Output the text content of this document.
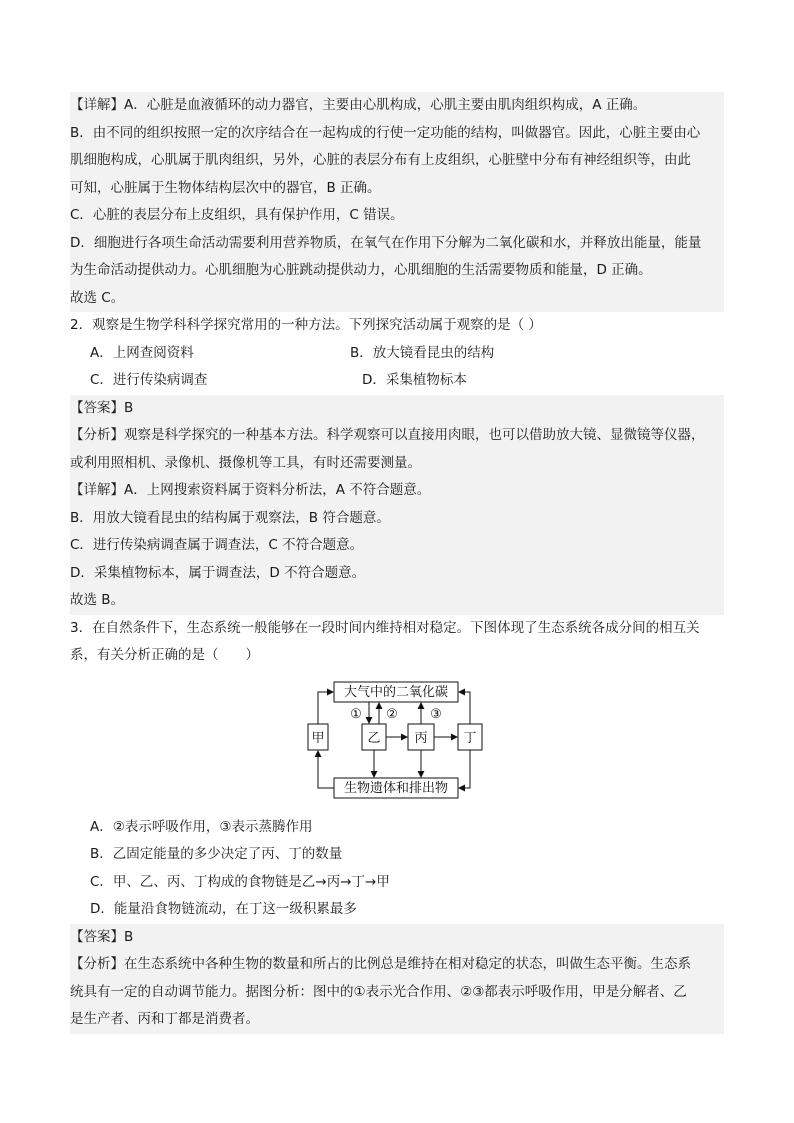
【详解】A．心脏是血液循环的动力器官，主要由心肌构成，心肌主要由肌肉组织构成，A 正确。
B．由不同的组织按照一定的次序结合在一起构成的行使一定功能的结构，叫做器官。因此，心脏主要由心
肌细胞构成，心肌属于肌肉组织，另外，心脏的表层分布有上皮组织，心脏壁中分布有神经组织等，由此
可知，心脏属于生物体结构层次中的器官，B 正确。
C．心脏的表层分布上皮组织，具有保护作用，C 错误。
D．细胞进行各项生命活动需要利用营养物质，在氧气在作用下分解为二氧化碳和水，并释放出能量，能量
为生命活动提供动力。心肌细胞为心脏跳动提供动力，心肌细胞的生活需要物质和能量，D 正确。
故选 C。
2．观察是生物学科科学探究常用的一种方法。下列探究活动属于观察的是（ ）
A．上网查阅资料	B．放大镜看昆虫的结构
C．进行传染病调查	D．采集植物标本
【答案】B
【分析】观察是科学探究的一种基本方法。科学观察可以直接用肉眼，也可以借助放大镜、显微镜等仪器，
或利用照相机、录像机、摄像机等工具，有时还需要测量。
【详解】A．上网搜索资料属于资料分析法，A 不符合题意。
B．用放大镜看昆虫的结构属于观察法，B 符合题意。
C．进行传染病调查属于调查法，C 不符合题意。
D．采集植物标本，属于调查法，D 不符合题意。
故选 B。
3．在自然条件下，生态系统一般能够在一段时间内维持相对稳定。下图体现了生态系统各成分间的相互关
系，有关分析正确的是（　　）
大气中的二氧化碳
生物遗体和排出物
甲	乙	丙	丁
① ② ③
A．②表示呼吸作用，③表示蒸腾作用
B．乙固定能量的多少决定了丙、丁的数量
C．甲、乙、丙、丁构成的食物链是乙→丙→丁→甲
D．能量沿食物链流动，在丁这一级积累最多
【答案】B
【分析】在生态系统中各种生物的数量和所占的比例总是维持在相对稳定的状态，叫做生态平衡。生态系
统具有一定的自动调节能力。据图分析：图中的①表示光合作用、②③都表示呼吸作用，甲是分解者、乙
是生产者、丙和丁都是消费者。
